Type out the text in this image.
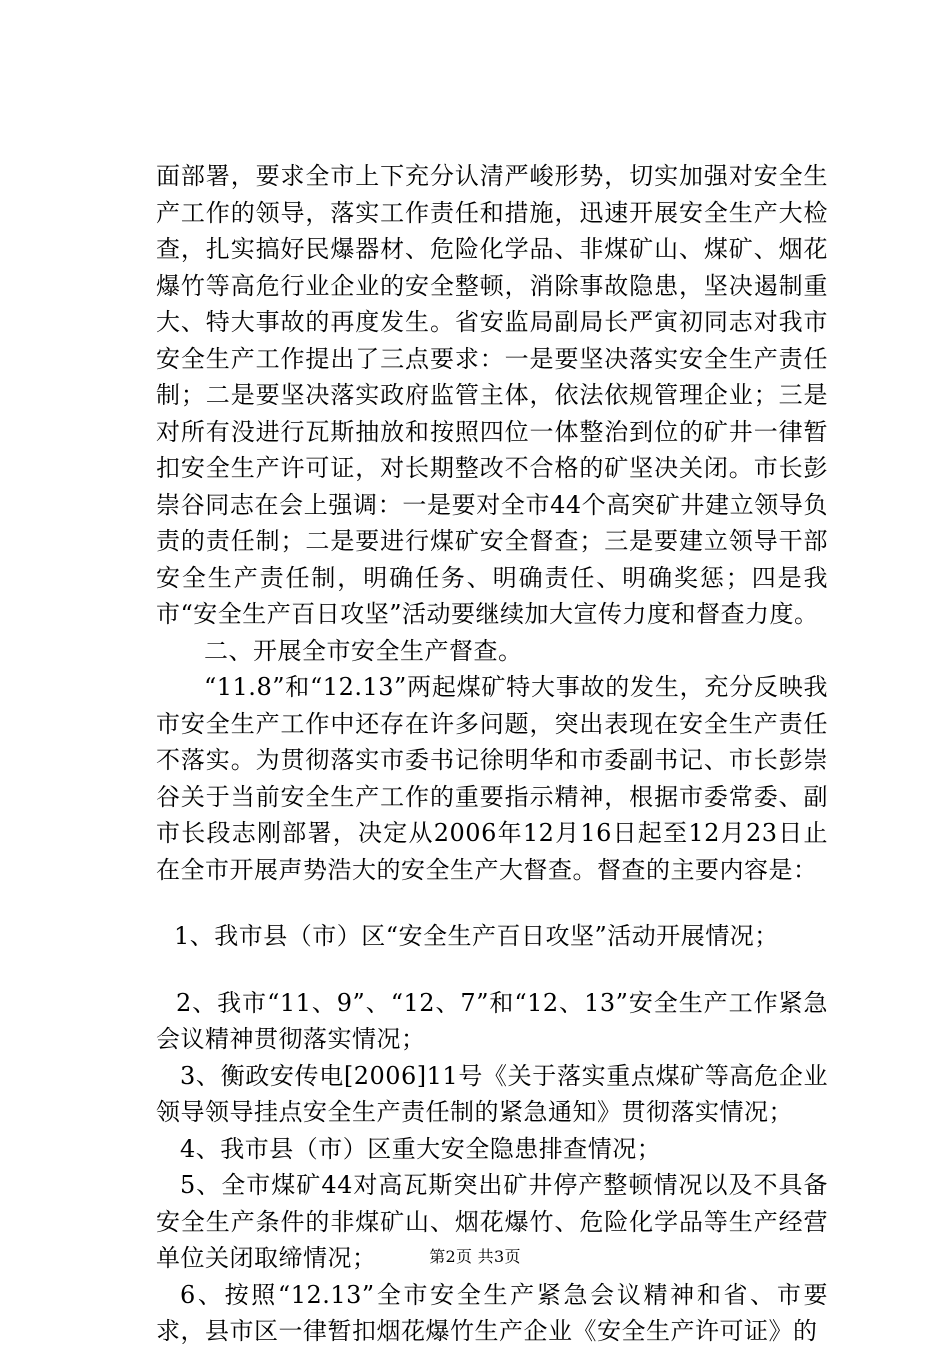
面部署，要求全市上下充分认清严峻形势，切实加强对安全生产工作的领导，落实工作责任和措施，迅速开展安全生产大检查，扎实搞好民爆器材、危险化学品、非煤矿山、煤矿、烟花爆竹等高危行业企业的安全整顿，消除事故隐患，坚决遏制重大、特大事故的再度发生。省安监局副局长严寅初同志对我市安全生产工作提出了三点要求：一是要坚决落实安全生产责任制；二是要坚决落实政府监管主体，依法依规管理企业；三是对所有没进行瓦斯抽放和按照四位一体整治到位的矿井一律暂扣安全生产许可证，对长期整改不合格的矿坚决关闭。市长彭崇谷同志在会上强调：一是要对全市44个高突矿井建立领导负责的责任制；二是要进行煤矿安全督查；三是要建立领导干部安全生产责任制，明确任务、明确责任、明确奖惩；四是我市“安全生产百日攻坚”活动要继续加大宣传力度和督查力度。

二、开展全市安全生产督查。

“11.8”和“12.13”两起煤矿特大事故的发生，充分反映我市安全生产工作中还存在许多问题，突出表现在安全生产责任不落实。为贯彻落实市委书记徐明华和市委副书记、市长彭崇谷关于当前安全生产工作的重要指示精神，根据市委常委、副市长段志刚部署，决定从2006年12月16日起至12月23日止在全市开展声势浩大的安全生产大督查。督查的主要内容是：

1、我市县（市）区“安全生产百日攻坚”活动开展情况；

2、我市“11、9”、“12、7”和“12、13”安全生产工作紧急会议精神贯彻落实情况；

3、衡政安传电[2006]11号《关于落实重点煤矿等高危企业领导领导挂点安全生产责任制的紧急通知》贯彻落实情况；

4、我市县（市）区重大安全隐患排查情况；

5、全市煤矿44对高瓦斯突出矿井停产整顿情况以及不具备安全生产条件的非煤矿山、烟花爆竹、危险化学品等生产经营单位关闭取缔情况；

6、按照“12.13”全市安全生产紧急会议精神和省、市要求，县市区一律暂扣烟花爆竹生产企业《安全生产许可证》的

第2页 共3页
